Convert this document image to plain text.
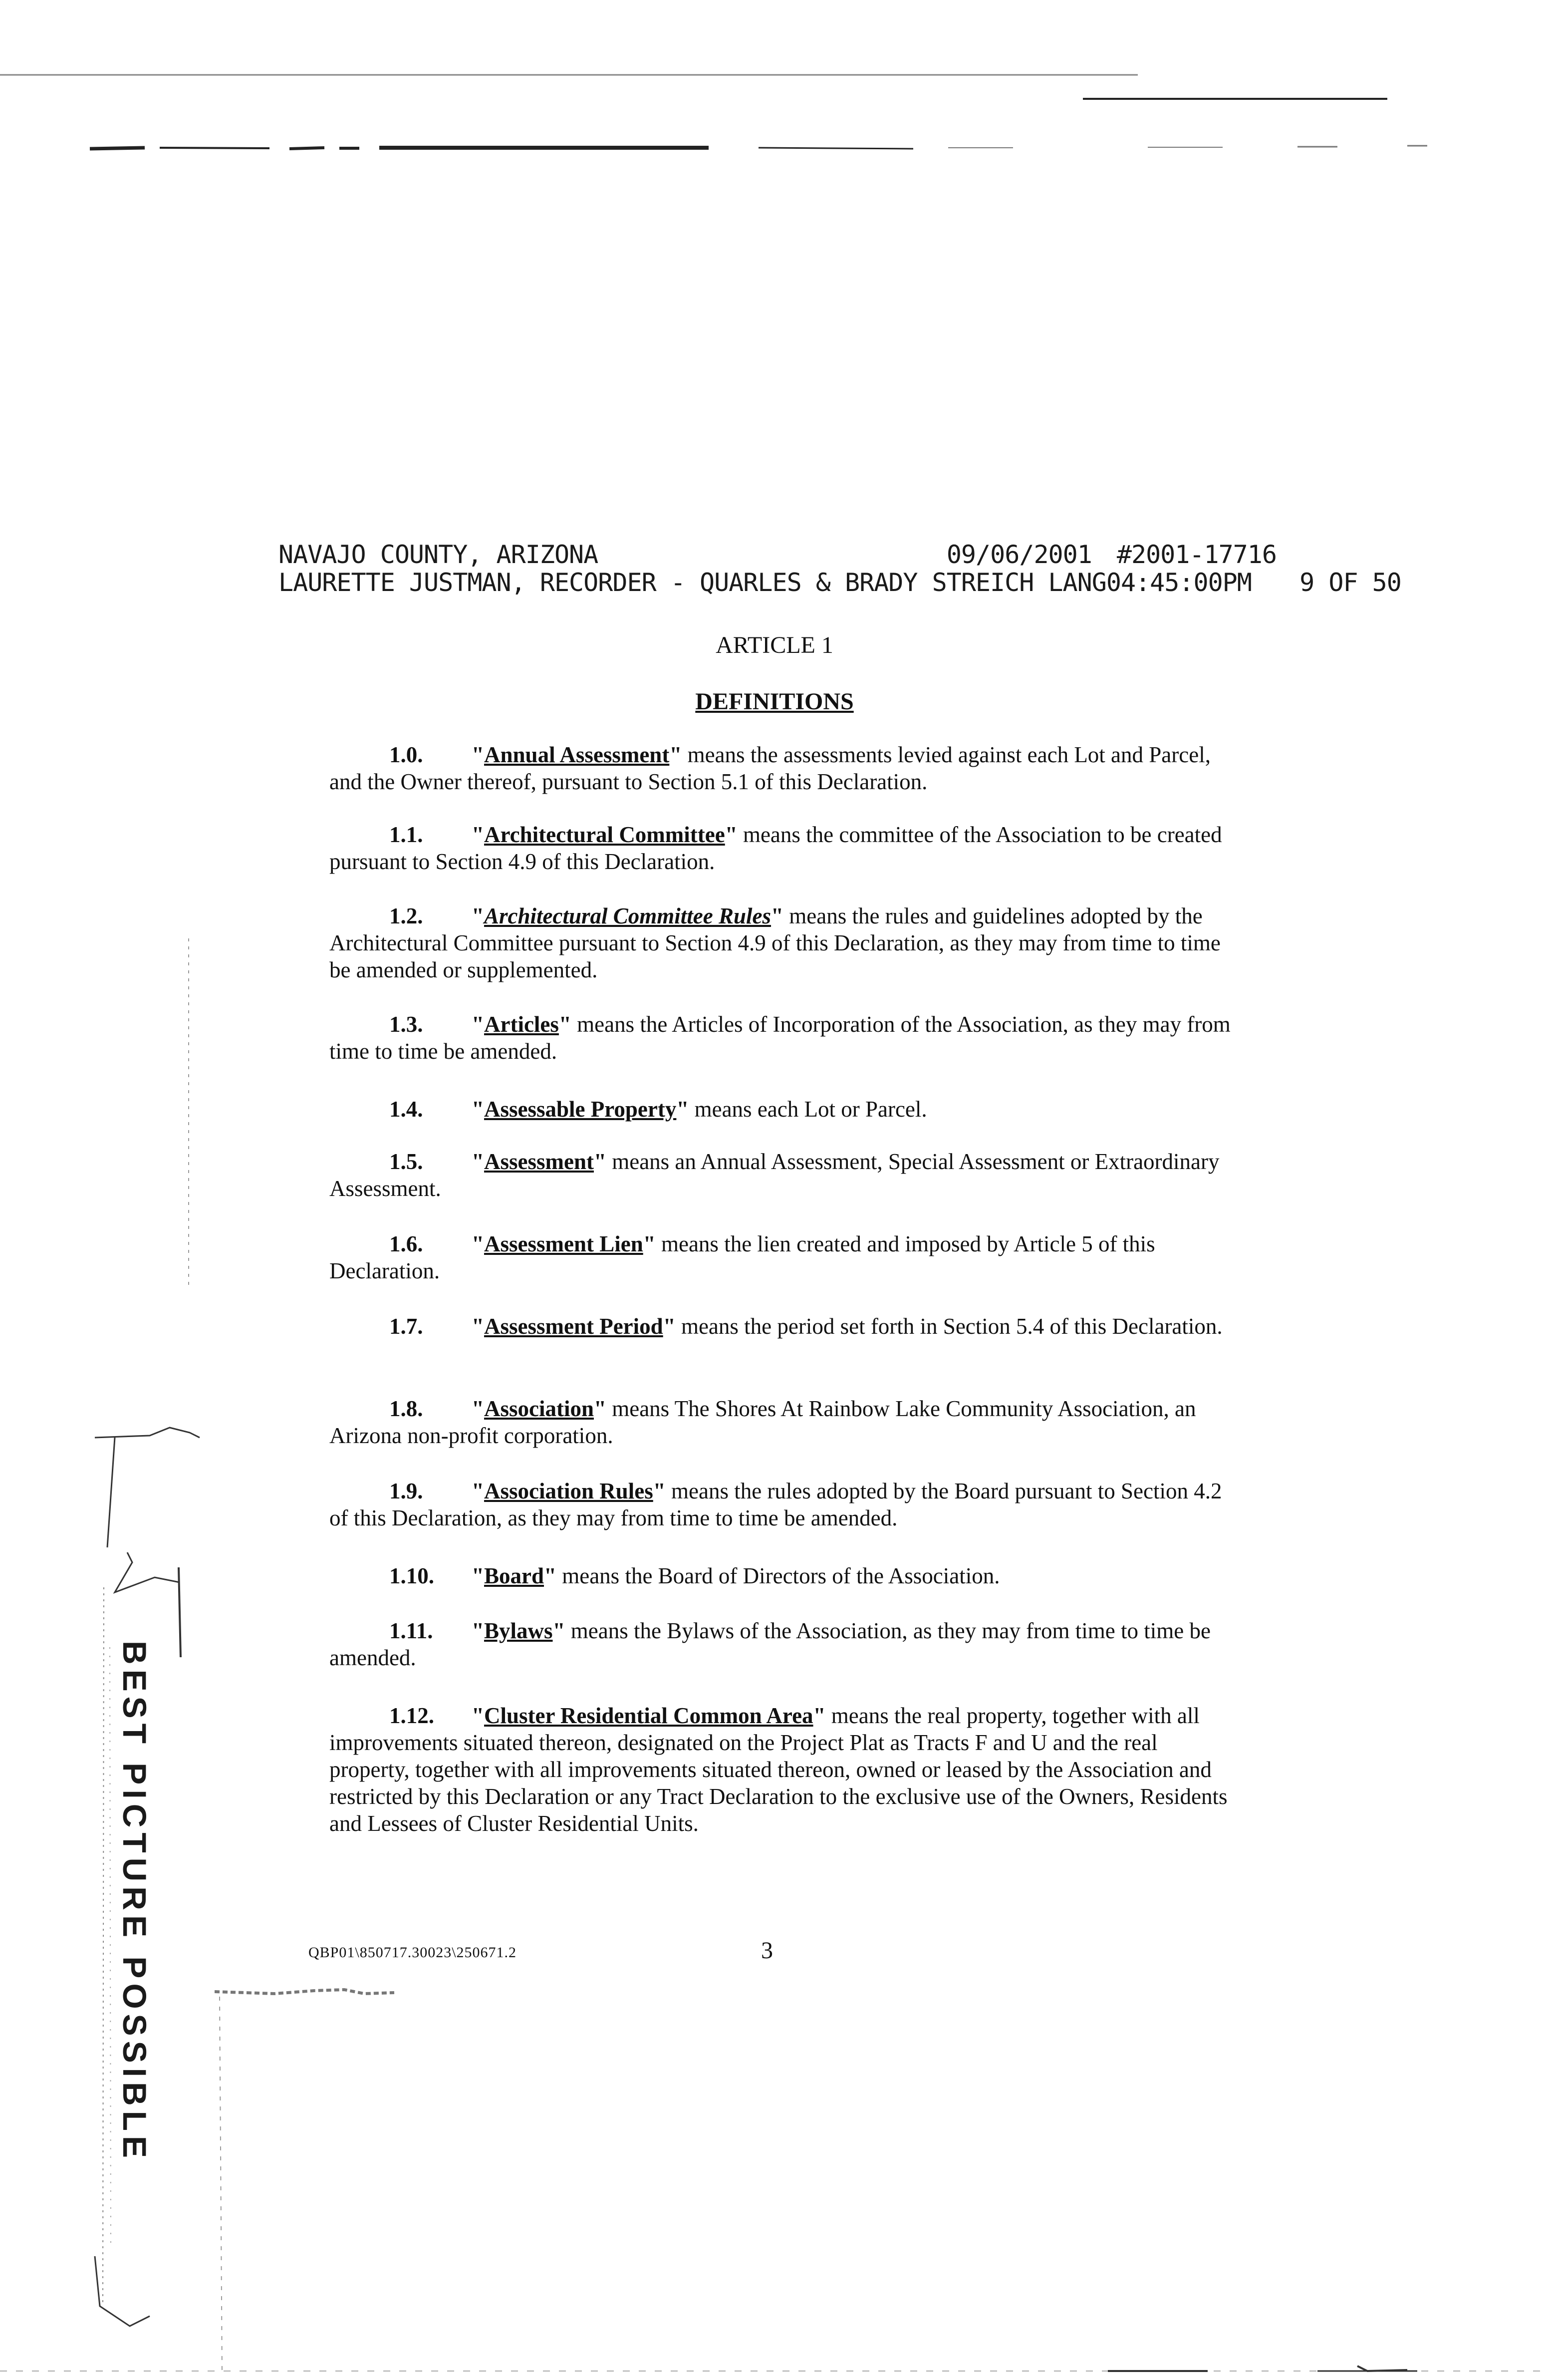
NAVAJO COUNTY, ARIZONA	09/06/2001 #2001-17716
LAURETTE JUSTMAN, RECORDER - QUARLES & BRADY STREICH LANG 04:45:00PM	9 OF 50
ARTICLE 1
DEFINITIONS
1.0. "Annual Assessment" means the assessments levied against each Lot and Parcel, and the Owner thereof, pursuant to Section 5.1 of this Declaration.
1.1. "Architectural Committee" means the committee of the Association to be created pursuant to Section 4.9 of this Declaration.
1.2. "Architectural Committee Rules" means the rules and guidelines adopted by the Architectural Committee pursuant to Section 4.9 of this Declaration, as they may from time to time be amended or supplemented.
1.3. "Articles" means the Articles of Incorporation of the Association, as they may from time to time be amended.
1.4. "Assessable Property" means each Lot or Parcel.
1.5. "Assessment" means an Annual Assessment, Special Assessment or Extraordinary Assessment.
1.6. "Assessment Lien" means the lien created and imposed by Article 5 of this Declaration.
1.7. "Assessment Period" means the period set forth in Section 5.4 of this Declaration.
1.8. "Association" means The Shores At Rainbow Lake Community Association, an Arizona non-profit corporation.
1.9. "Association Rules" means the rules adopted by the Board pursuant to Section 4.2 of this Declaration, as they may from time to time be amended.
1.10. "Board" means the Board of Directors of the Association.
1.11. "Bylaws" means the Bylaws of the Association, as they may from time to time be amended.
1.12. "Cluster Residential Common Area" means the real property, together with all improvements situated thereon, designated on the Project Plat as Tracts F and U and the real property, together with all improvements situated thereon, owned or leased by the Association and restricted by this Declaration or any Tract Declaration to the exclusive use of the Owners, Residents and Lessees of Cluster Residential Units.
QBP01\850717.30023\250671.2	3
BEST PICTURE POSSIBLE
